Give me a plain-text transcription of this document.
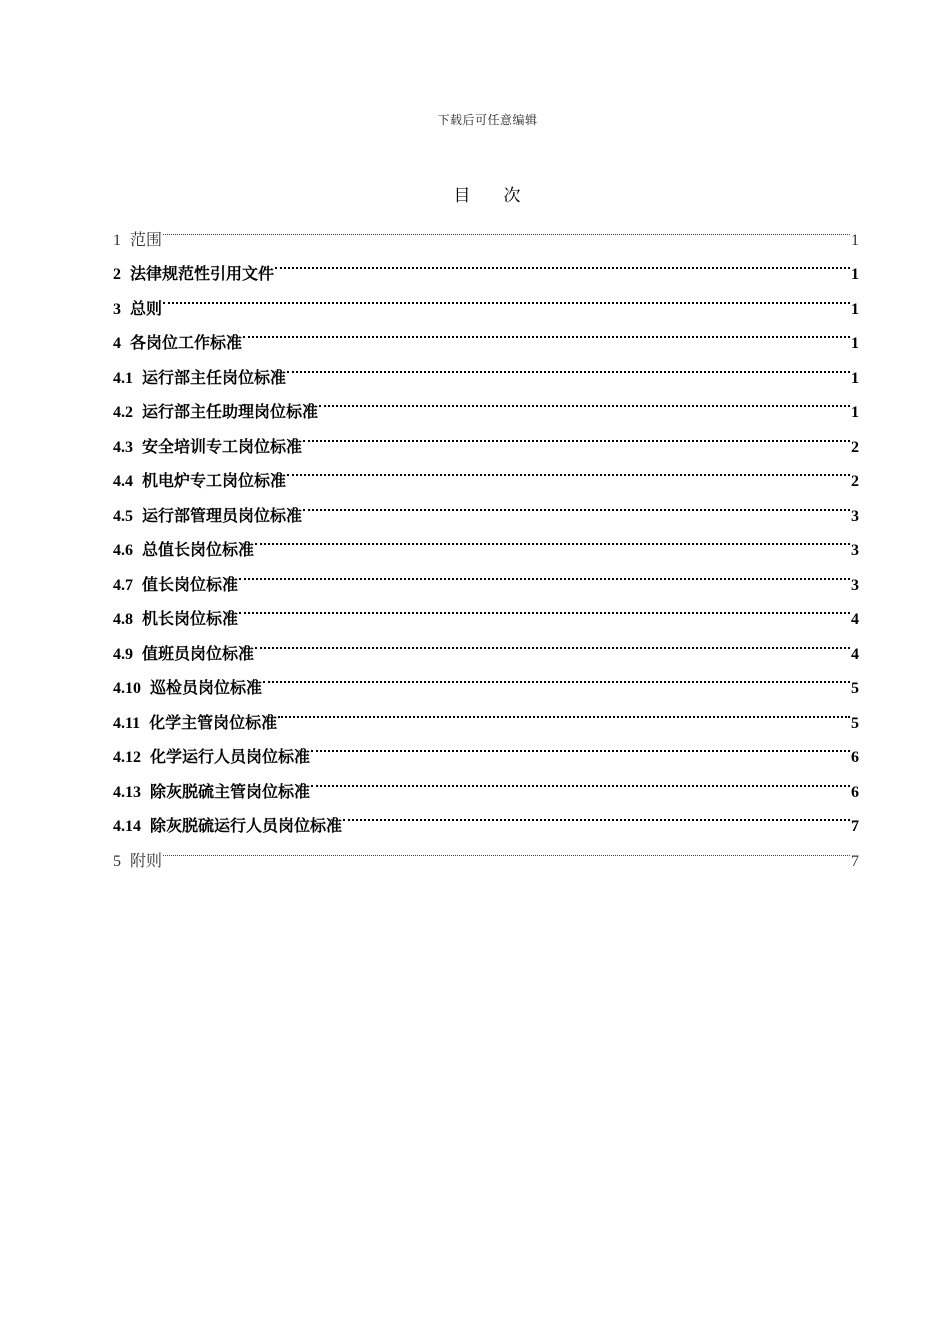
下载后可任意编辑
目 次
1 范围	1
2 法律规范性引用文件	1
3 总则	1
4 各岗位工作标准	1
4.1 运行部主任岗位标准	1
4.2 运行部主任助理岗位标准	1
4.3 安全培训专工岗位标准	2
4.4 机电炉专工岗位标准	2
4.5 运行部管理员岗位标准	3
4.6 总值长岗位标准	3
4.7 值长岗位标准	3
4.8 机长岗位标准	4
4.9 值班员岗位标准	4
4.10 巡检员岗位标准	5
4.11 化学主管岗位标准	5
4.12 化学运行人员岗位标准	6
4.13 除灰脱硫主管岗位标准	6
4.14 除灰脱硫运行人员岗位标准	7
5 附则	7
